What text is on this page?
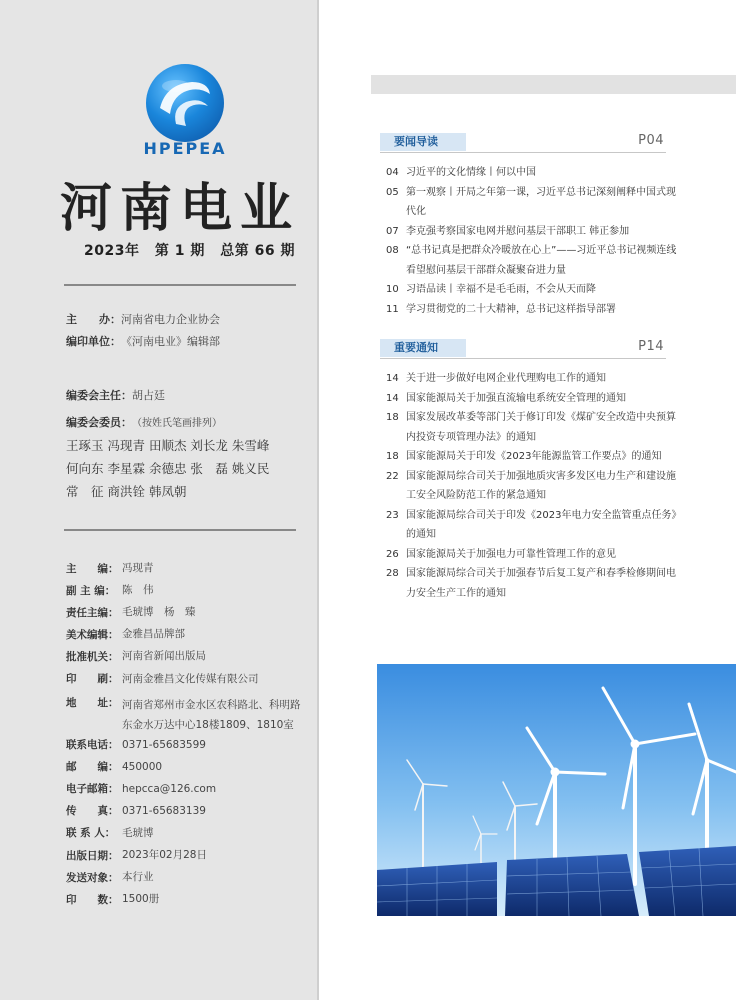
HPEPEA
河南电业
2023年 第 1 期 总第 66 期
主　　办：河南省电力企业协会
编印单位：《河南电业》编辑部
编委会主任：胡占廷
编委会委员：（按姓氏笔画排列）
王琢玉 冯现青 田顺杰 刘长龙 朱雪峰
何向东 李星霖 余德忠 张　磊 姚义民
常　征 商洪铨 韩凤朝
主　　编： 冯现青
副 主 编： 陈　伟
责任主编： 毛琥博　杨　臻
美术编辑： 金雅昌品牌部
批准机关： 河南省新闻出版局
印　　刷： 河南金雅昌文化传媒有限公司
地　　址： 河南省郑州市金水区农科路北、科明路东金水万达中心18楼1809、1810室
联系电话： 0371-65683599
邮　　编： 450000
电子邮箱： hepcca@126.com
传　　真： 0371-65683139
联 系 人： 毛琥博
出版日期： 2023年02月28日
发送对象： 本行业
印　　数： 1500册
要闻导读	P04
04 习近平的文化情缘丨何以中国
05 第一观察丨开局之年第一课，习近平总书记深刻阐释中国式现代化
07 李克强考察国家电网并慰问基层干部职工 韩正参加
08 “总书记真是把群众冷暖放在心上”——习近平总书记视频连线看望慰问基层干部群众凝聚奋进力量
10 习语品读丨幸福不是毛毛雨，不会从天而降
11 学习贯彻党的二十大精神，总书记这样指导部署
重要通知	P14
14 关于进一步做好电网企业代理购电工作的通知
14 国家能源局关于加强直流输电系统安全管理的通知
18 国家发展改革委等部门关于修订印发《煤矿安全改造中央预算内投资专项管理办法》的通知
18 国家能源局关于印发《2023年能源监管工作要点》的通知
22 国家能源局综合司关于加强地质灾害多发区电力生产和建设施工安全风险防范工作的紧急通知
23 国家能源局综合司关于印发《2023年电力安全监管重点任务》的通知
26 国家能源局关于加强电力可靠性管理工作的意见
28 国家能源局综合司关于加强春节后复工复产和春季检修期间电力安全生产工作的通知
